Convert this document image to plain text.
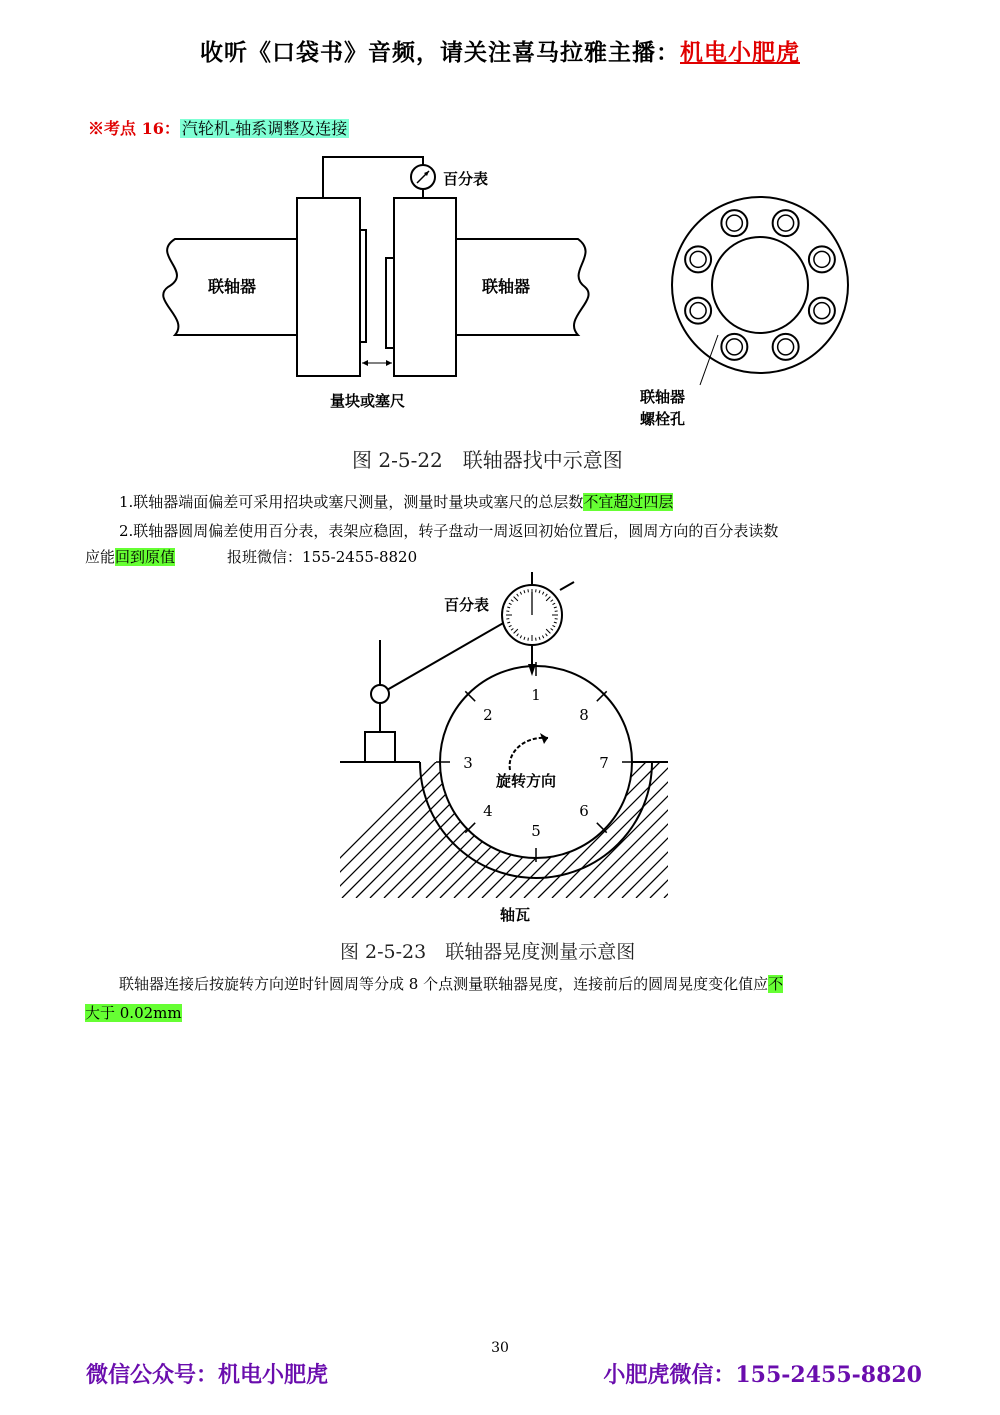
收听《口袋书》音频，请关注喜马拉雅主播：机电小肥虎
※考点 16： 汽轮机-轴系调整及连接
百分表
联轴器	联轴器
量块或塞尺	联轴器
螺栓孔
图 2-5-22　联轴器找中示意图
1.联轴器端面偏差可采用招块或塞尺测量，测量时量块或塞尺的总层数不宜超过四层
2.联轴器圆周偏差使用百分表，表架应稳固，转子盘动一周返回初始位置后，圆周方向的百分表读数
应能回到原值	报班微信：155-2455-8820
1
2
3
4
5
6
7
8
旋转方向
百分表
轴瓦
图 2-5-23　联轴器晃度测量示意图
联轴器连接后按旋转方向逆时针圆周等分成 8 个点测量联轴器晃度，连接前后的圆周晃度变化值应不
大于 0.02mm
30
微信公众号：机电小肥虎	小肥虎微信：155-2455-8820
